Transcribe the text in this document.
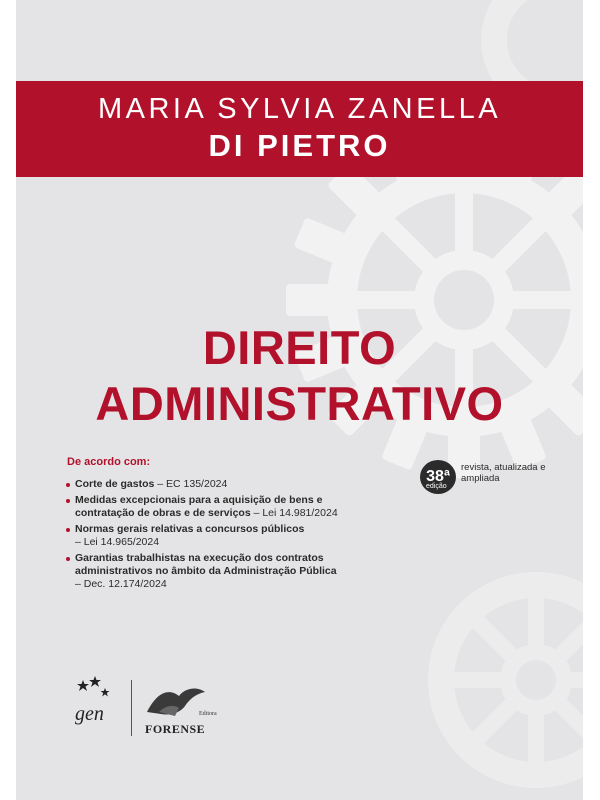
MARIA SYLVIA ZANELLA
DI PIETRO
DIREITO
ADMINISTRATIVO
De acordo com:
Corte de gastos – EC 135/2024
Medidas excepcionais para a aquisição de bens e contratação de obras e de serviços – Lei 14.981/2024
Normas gerais relativas a concursos públicos
– Lei 14.965/2024
Garantias trabalhistas na execução dos contratos administrativos no âmbito da Administração Pública
– Dec. 12.174/2024
38ª
edição
revista, atualizada e ampliada
gen	Editora
FORENSE
